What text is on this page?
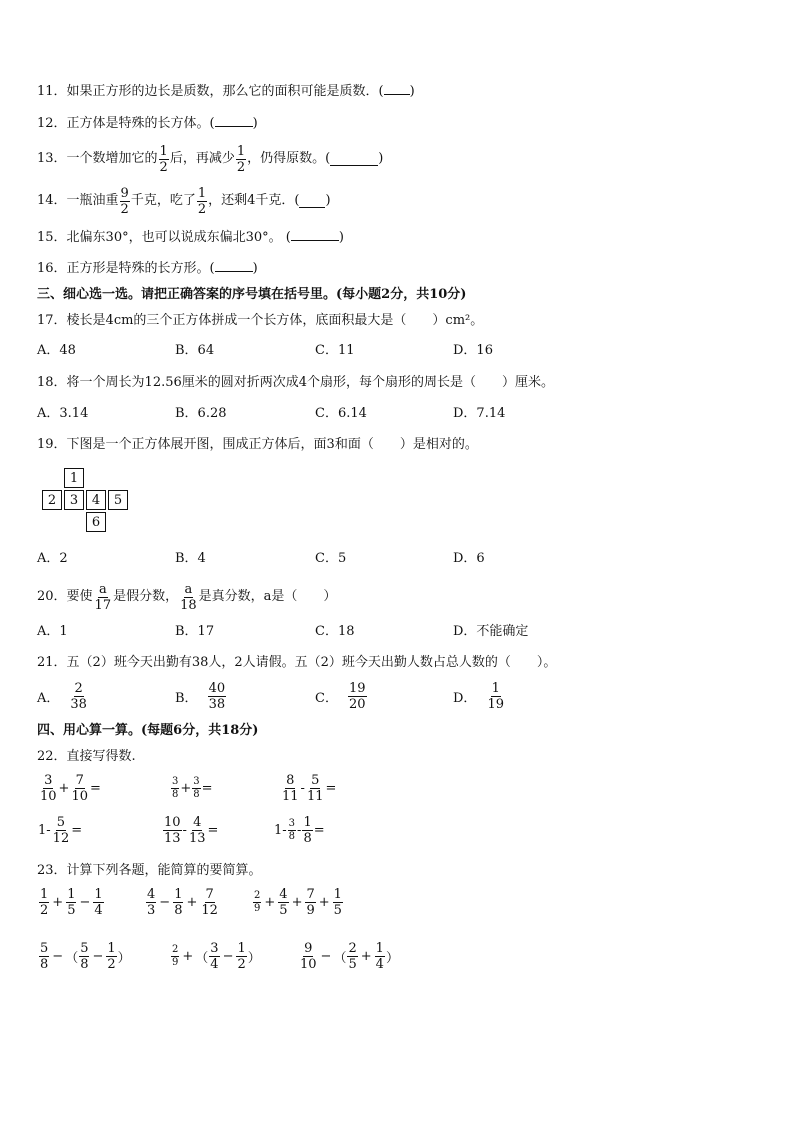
11．如果正方形的边长是质数，那么它的面积可能是质数．( )
12．正方体是特殊的长方体。(	)
13．一个数增加它的 $\frac{1}{2}$ 后，再减少 $\frac{1}{2}$ ，仍得原数。(	)
14．一瓶油重 $\frac{9}{2}$ 千克，吃了 $\frac{1}{2}$ ，还剩4千克．( )
15．北偏东30°，也可以说成东偏北30°。 (	)
16．正方形是特殊的长方形。(	)
三、细心选一选。请把正确答案的序号填在括号里。(每小题2分，共10分)
17．棱长是4cm的三个正方体拼成一个长方体，底面积最大是（　　）cm²。
A．48	B．64	C．11	D．16
18．将一个周长为12.56厘米的圆对折两次成4个扇形，每个扇形的周长是（　　）厘米。
A．3.14	B．6.28	C．6.14	D．7.14
19．下图是一个正方体展开图，围成正方体后，面3和面（　　）是相对的。
1
2	3	4	5
6
A．2	B．4	C．5	D．6
20．要使 $\frac{a}{17}$ 是假分数， $\frac{a}{18}$ 是真分数，a是（　　）
A．1	B．17	C．18	D．不能确定
21．五（2）班今天出勤有38人，2人请假。五（2）班今天出勤人数占总人数的（　　）。
A． $\frac{2}{38}$	B． $\frac{40}{38}$	C． $\frac{19}{20}$	D． $\frac{1}{19}$
四、用心算一算。(每题6分，共18分)
22．直接写得数.
$\frac{3}{10} + \frac{7}{10}$ =	$\frac{3}{8} + \frac{3}{8}$ =	$\frac{8}{11} - \frac{5}{11}$ =
$1- \frac{5}{12}$ =	$\frac{10}{13} - \frac{4}{13}$ =	$1- \frac{3}{8} - \frac{1}{8}$ =
23．计算下列各题，能简算的要简算。
$\frac{1}{2} + \frac{1}{5} - \frac{1}{4}$	$\frac{4}{3} - \frac{1}{8} + \frac{7}{12}$	$\frac{2}{9} + \frac{4}{5} + \frac{7}{9} + \frac{1}{5}$
$\frac{5}{8}$ − （ $\frac{5}{8} - \frac{1}{2}$ ）	$\frac{2}{9}$ + （ $\frac{3}{4} - \frac{1}{2}$ ）	$\frac{9}{10}$ − （ $\frac{2}{5} + \frac{1}{4}$ ）
